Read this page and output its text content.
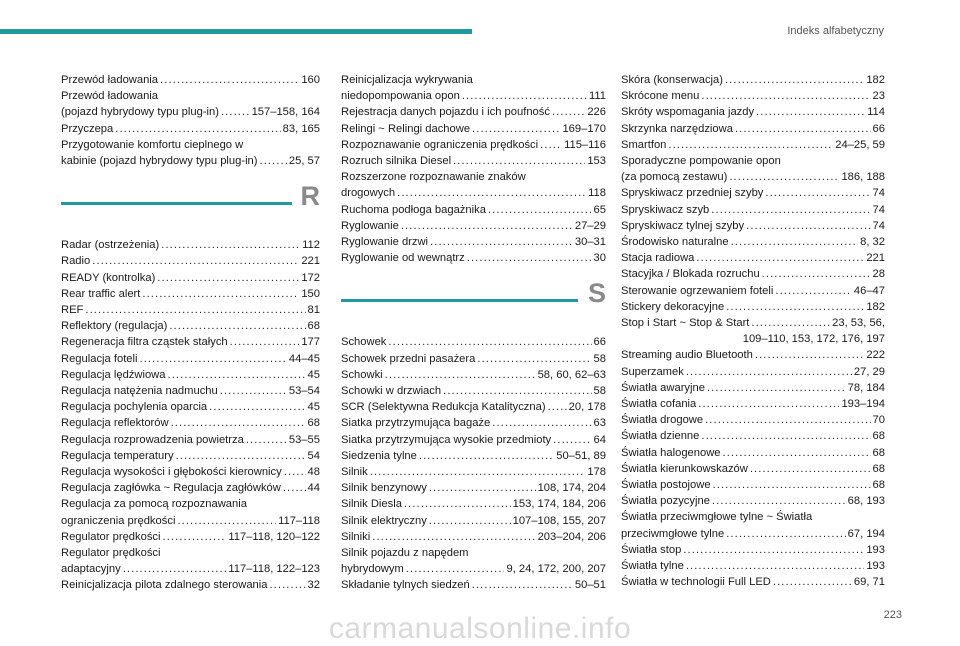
Indeks alfabetyczny
Przewód ładowania .....	160
Przewód ładowania
(pojazd hybrydowy typu plug-in) .....	157–158, 164
Przyczepa .....	83, 165
Przygotowanie komfortu cieplnego w
kabinie (pojazd hybrydowy typu plug-in) .....	25, 57
R
Radar (ostrzeżenia) .....	112
Radio .....	221
READY (kontrolka) .....	172
Rear traffic alert .....	150
REF .....	81
Reflektory (regulacja) .....	68
Regeneracja filtra cząstek stałych .....	177
Regulacja foteli .....	44–45
Regulacja lędźwiowa .....	45
Regulacja natężenia nadmuchu .....	53–54
Regulacja pochylenia oparcia .....	45
Regulacja reflektorów .....	68
Regulacja rozprowadzenia powietrza .....	53–55
Regulacja temperatury .....	54
Regulacja wysokości i głębokości kierownicy ..... 48
Regulacja zagłówka ~ Regulacja zagłówków ..... 44
Regulacja za pomocą rozpoznawania
ograniczenia prędkości .....	117–118
Regulator prędkości .....	117–118, 120–122
Regulator prędkości
adaptacyjny .....	117–118, 122–123
Reinicjalizacja pilota zdalnego sterowania .....	32
Reinicjalizacja wykrywania
niedopompowania opon .....	111
Rejestracja danych pojazdu i ich poufność .....	226
Relingi ~ Relingi dachowe .....	169–170
Rozpoznawanie ograniczenia prędkości ..... 115–116
Rozruch silnika Diesel .....	153
Rozszerzone rozpoznawanie znaków
drogowych .....	118
Ruchoma podłoga bagażnika .....	65
Ryglowanie .....	27–29
Ryglowanie drzwi .....	30–31
Ryglowanie od wewnątrz .....	30
S
Schowek .....	66
Schowek przedni pasażera .....	58
Schowki .....	58, 60, 62–63
Schowki w drzwiach .....	58
SCR (Selektywna Redukcja Katalityczna) ..... 20, 178
Siatka przytrzymująca bagaże .....	63
Siatka przytrzymująca wysokie przedmioty .....	64
Siedzenia tylne .....	50–51, 89
Silnik .....	178
Silnik benzynowy .....	108, 174, 204
Silnik Diesla .....	153, 174, 184, 206
Silnik elektryczny .....	107–108, 155, 207
Silniki .....	203–204, 206
Silnik pojazdu z napędem
hybrydowym .....	9, 24, 172, 200, 207
Składanie tylnych siedzeń .....	50–51
Skóra (konserwacja) .....	182
Skrócone menu .....	23
Skróty wspomagania jazdy .....	114
Skrzynka narzędziowa .....	66
Smartfon .....	24–25, 59
Sporadyczne pompowanie opon
(za pomocą zestawu) .....	186, 188
Spryskiwacz przedniej szyby .....	74
Spryskiwacz szyb .....	74
Spryskiwacz tylnej szyby .....	74
Środowisko naturalne .....	8, 32
Stacja radiowa .....	221
Stacyjka / Blokada rozruchu .....	28
Sterowanie ogrzewaniem foteli .....	46–47
Stickery dekoracyjne .....	182
Stop i Start ~ Stop & Start .....	23, 53, 56,
109–110, 153, 172, 176, 197
Streaming audio Bluetooth .....	222
Superzamek .....	27, 29
Światła awaryjne .....	78, 184
Światła cofania .....	193–194
Światła drogowe .....	70
Światła dzienne .....	68
Światła halogenowe .....	68
Światła kierunkowskazów .....	68
Światła postojowe .....	68
Światła pozycyjne .....	68, 193
Światła przeciwmgłowe tylne ~ Światła
przeciwmgłowe tylne .....	67, 194
Światła stop .....	193
Światła tylne .....	193
Światła w technologii Full LED .....	69, 71
223
carmanualsonline.info
